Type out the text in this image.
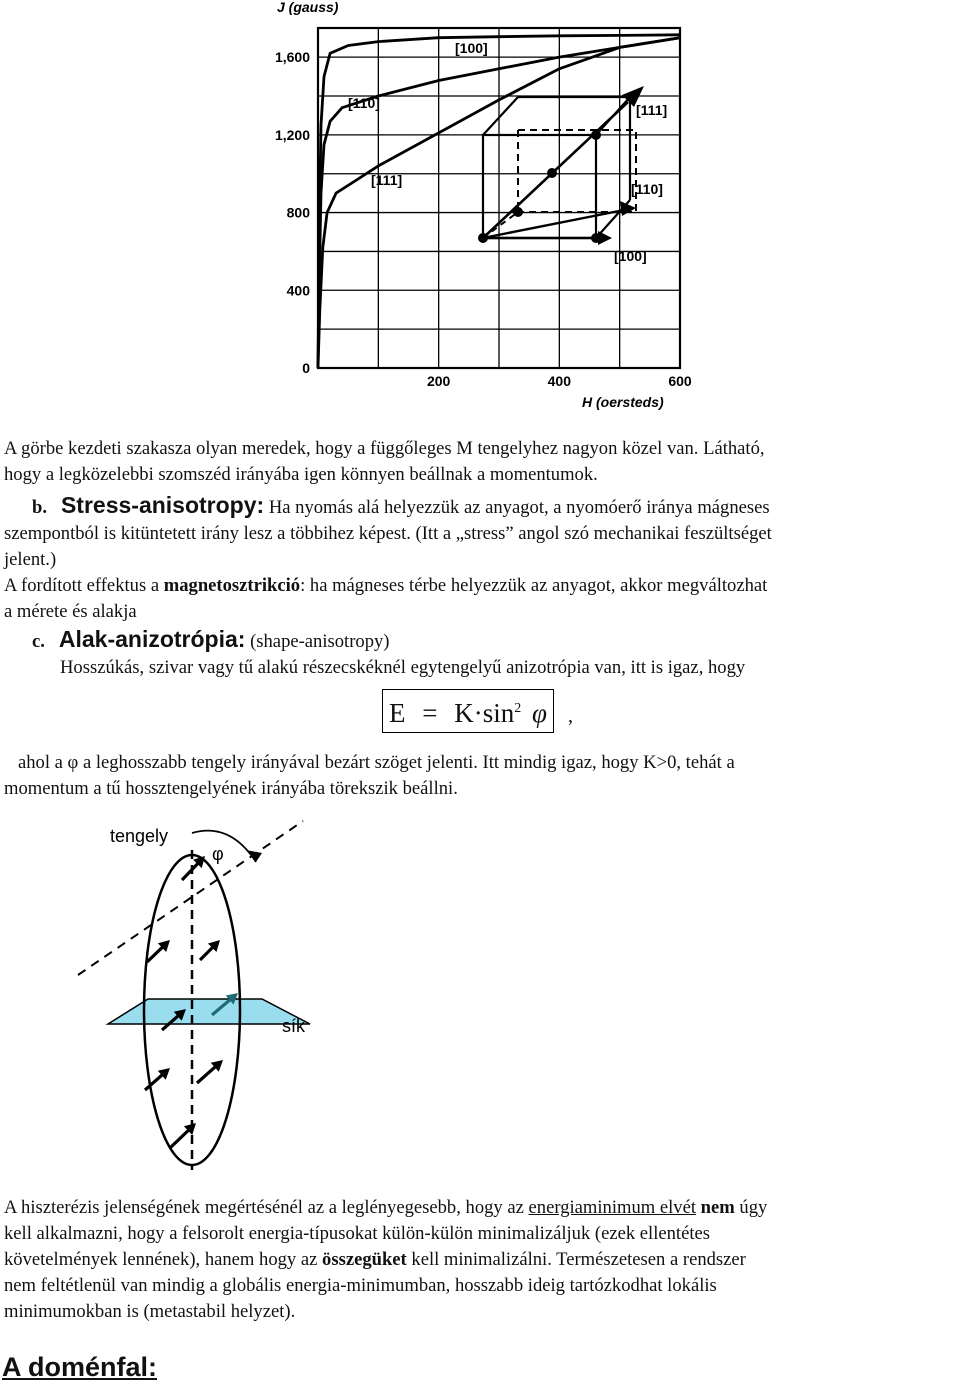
0
400
800
1,200
1,600
200	400	600
J (gauss)
H (oersteds)
[100]
[110]
[111]
[111]
[110]
[100]
A görbe kezdeti szakasza olyan meredek, hogy a függőleges M tengelyhez nagyon közel van. Látható,
hogy a legközelebbi szomszéd irányába igen könnyen beállnak a momentumok.
b. Stress-anisotropy: Ha nyomás alá helyezzük az anyagot, a nyomóerő iránya mágneses
szempontból is kitüntetett irány lesz a többihez képest. (Itt a „stress” angol szó mechanikai feszültséget
jelent.)
A fordított effektus a magnetosztrikció: ha mágneses térbe helyezzük az anyagot, akkor megváltozhat
a mérete és alakja
c. Alak-anizotrópia: (shape-anisotropy)
Hosszúkás, szivar vagy tű alakú részecskéknél egytengelyű anizotrópia van, itt is igaz, hogy
$E = K\cdot\sin^2$ φ ,
ahol a φ a leghosszabb tengely irányával bezárt szöget jelenti. Itt mindig igaz, hogy K>0, tehát a
momentum a tű hossztengelyének irányába törekszik beállni.
tengely
φ
sík
A hiszterézis jelenségének megértésénél az a leglényegesebb, hogy az energiaminimum elvét nem úgy
kell alkalmazni, hogy a felsorolt energia-típusokat külön-külön minimalizáljuk (ezek ellentétes
követelmények lennének), hanem hogy az összegüket kell minimalizálni. Természetesen a rendszer
nem feltétlenül van mindig a globális energia-minimumban, hosszabb ideig tartózkodhat lokális
minimumokban is (metastabil helyzet).
A doménfal:
